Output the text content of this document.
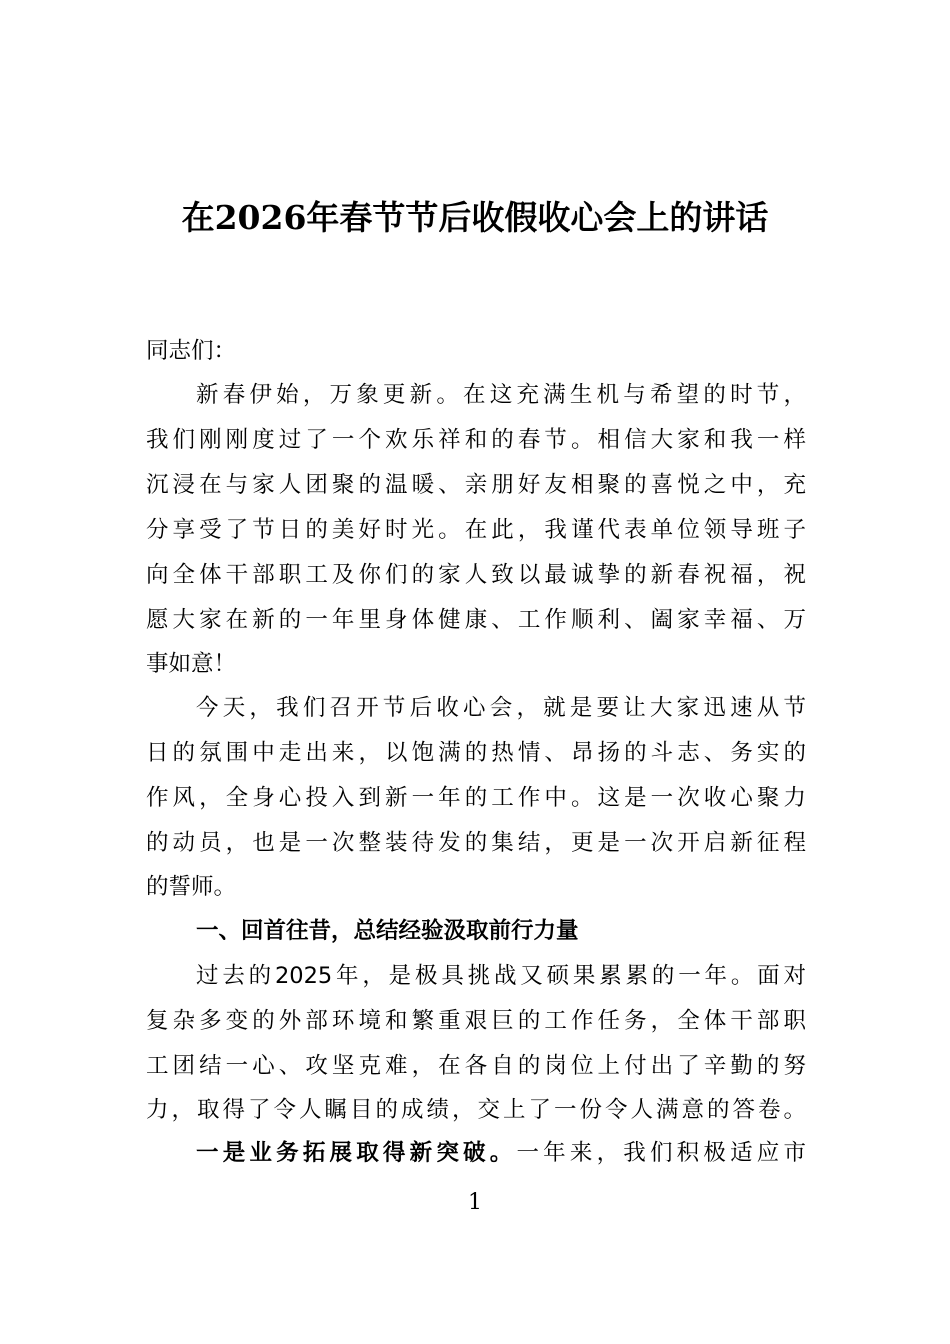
在2026年春节节后收假收心会上的讲话
同志们：
新春伊始，万象更新。在这充满生机与希望的时节，
我们刚刚度过了一个欢乐祥和的春节。相信大家和我一样
沉浸在与家人团聚的温暖、亲朋好友相聚的喜悦之中，充
分享受了节日的美好时光。在此，我谨代表单位领导班子
向全体干部职工及你们的家人致以最诚挚的新春祝福，祝
愿大家在新的一年里身体健康、工作顺利、阖家幸福、万
事如意！
今天，我们召开节后收心会，就是要让大家迅速从节
日的氛围中走出来，以饱满的热情、昂扬的斗志、务实的
作风，全身心投入到新一年的工作中。这是一次收心聚力
的动员，也是一次整装待发的集结，更是一次开启新征程
的誓师。
一、回首往昔，总结经验汲取前行力量
过去的2025年，是极具挑战又硕果累累的一年。面对
复杂多变的外部环境和繁重艰巨的工作任务，全体干部职
工团结一心、攻坚克难，在各自的岗位上付出了辛勤的努
力，取得了令人瞩目的成绩，交上了一份令人满意的答卷。
一是业务拓展取得新突破。一年来，我们积极适应市
1
